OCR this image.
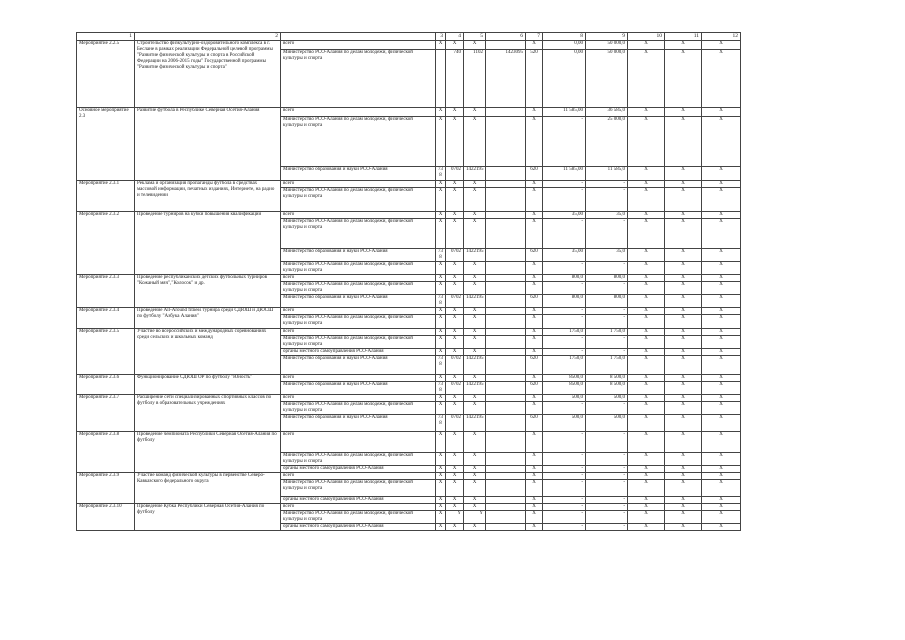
1	2		3	4	5	6	7	8	9	10	11	12
Мероприятие 2.2.5	Строительство физкультурно-оздоровительного комплекса в г. Беслане в рамках реализации Федеральной целевой программы "Развитие физической культуры и спорта в Российской Федерации на 2006-2015 годы" Государственной программы "Развитие физической культуры и спорта"	всего	X	X	X		X	0,00	50 000,0	X	X	X
		Министерство РСО-Алания по делам молодежи, физической культуры и спорта		740	1102	1423095	520	0,00	50 000,0	X	X	X
Основное мероприятие 2.3	Развитие футбола в Республике Северная Осетия-Алания	всего	X	X	X		X	11 585,00	36 585,0	X	X	X
		Министерство РСО-Алания по делам молодежи, физической культуры и спорта	X	X	X		X	-	25 000,0	X	X	X
		Министерство образования и науки РСО-Алания	738	0702	1422195		620	11 585,00	11 585,0	X	X	X
Мероприятие 2.3.1	Реклама и организация пропаганды футбола в средствах массовой информации, печатных изданиях, Интернете, на радио и телевидении	всего	X	X	X		X	-	-	X	X	X
		Министерство РСО-Алания по делам молодежи, физической культуры и спорта	X	X	X		X	-	-	X	X	X
Мероприятие 2.3.2	Проведение турниров на кубки повышения квалификации	всего	X	X	X		X	35,00	35,0	X	X	X
		Министерство РСО-Алания по делам молодежи, физической культуры и спорта	X	X	X		X	-	-	X	X	X
		Министерство образования и науки РСО-Алания	738	0702	1422195		620	35,00	35,0	X	X	X
		Министерство РСО-Алания по делам молодежи, физической культуры и спорта	X	X	X		X	-	-	X	X	X
Мероприятие 2.3.3	Проведение республиканских детских футбольных турниров "Кожаный мяч","Колосок" и др.	всего	X	X	X		X	800,0	800,0	X	X	X
		Министерство РСО-Алания по делам молодежи, физической культуры и спорта	X	X	X		X	-	-	X	X	X
		Министерство образования и науки РСО-Алания	738	0702	1422195		620	800,0	800,0	X	X	X
Мероприятие 2.3.4	Проведение All-Around fitness турнира среди СДЮШ и ДЮСШ по футболу "Азбука Алания"	всего	X	X	X		X	-	-	X	X	X
		Министерство РСО-Алания по делам молодежи, физической культуры и спорта	X	X	X		X	-	-	X	X	X
Мероприятие 2.3.5	Участие во всероссийских и международных соревнованиях среди сельских и школьных команд	всего	X	X	X		X	1750,0	1 750,0	X	X	X
		Министерство РСО-Алания по делам молодежи, физической культуры и спорта	X	X	X		X	-	-	X	X	X
		органы местного самоуправления РСО-Алания	X	X	X		X	-	-	X	X	X
		Министерство образования и науки РСО-Алания	738	0702	1422195		620	1750,0	1 750,0	X	X	X
Мероприятие 2.3.6	Функционирование СДЮШ ОР по футболу "Юность"	всего	X	X	X		X	8500,0	8 500,0	X	X	X
		Министерство образования и науки РСО-Алания	738	0702	1422195		620	8500,0	8 500,0	X	X	X
Мероприятие 2.3.7	Расширение сети специализированных спортивных классов по футболу в образовательных учреждениях	всего	X	X	X		X	500,0	500,0	X	X	X
		Министерство РСО-Алания по делам молодежи, физической культуры и спорта	X	X	X		X	-	-	X	X	X
		Министерство образования и науки РСО-Алания	738	0702	1422195		620	500,0	500,0	X	X	X
Мероприятие 2.3.8	Проведение чемпионата Республики Северная Осетия-Алания по футболу	всего	X	X	X		X	-	-	X	X	X
		Министерство РСО-Алания по делам молодежи, физической культуры и спорта	X	X	X		X	-	-	X	X	X
		органы местного самоуправления РСО-Алания	X	X	X		X	-	-	X	X	X
Мероприятие 2.3.9	Участие команд физической культуры в первенстве Северо-Кавказского федерального округа	всего	X	X	X		X	-	-	X	X	X
		Министерство РСО-Алания по делам молодежи, физической культуры и спорта	X	X	X		X	-	-	X	X	X
		органы местного самоуправления РСО-Алания	X	X	X		X	-	-	X	X	X
Мероприятие 2.3.10	Проведение Кубка Республики Северная Осетия-Алания по футболу	всего	X	X	X		X	-	-	X	X	X
		Министерство РСО-Алания по делам молодежи, физической культуры и спорта	X	Y	Y		X	-	-	X	X	X
		органы местного самоуправления РСО-Алания	X	X	X		X	-	-	X	X	X
